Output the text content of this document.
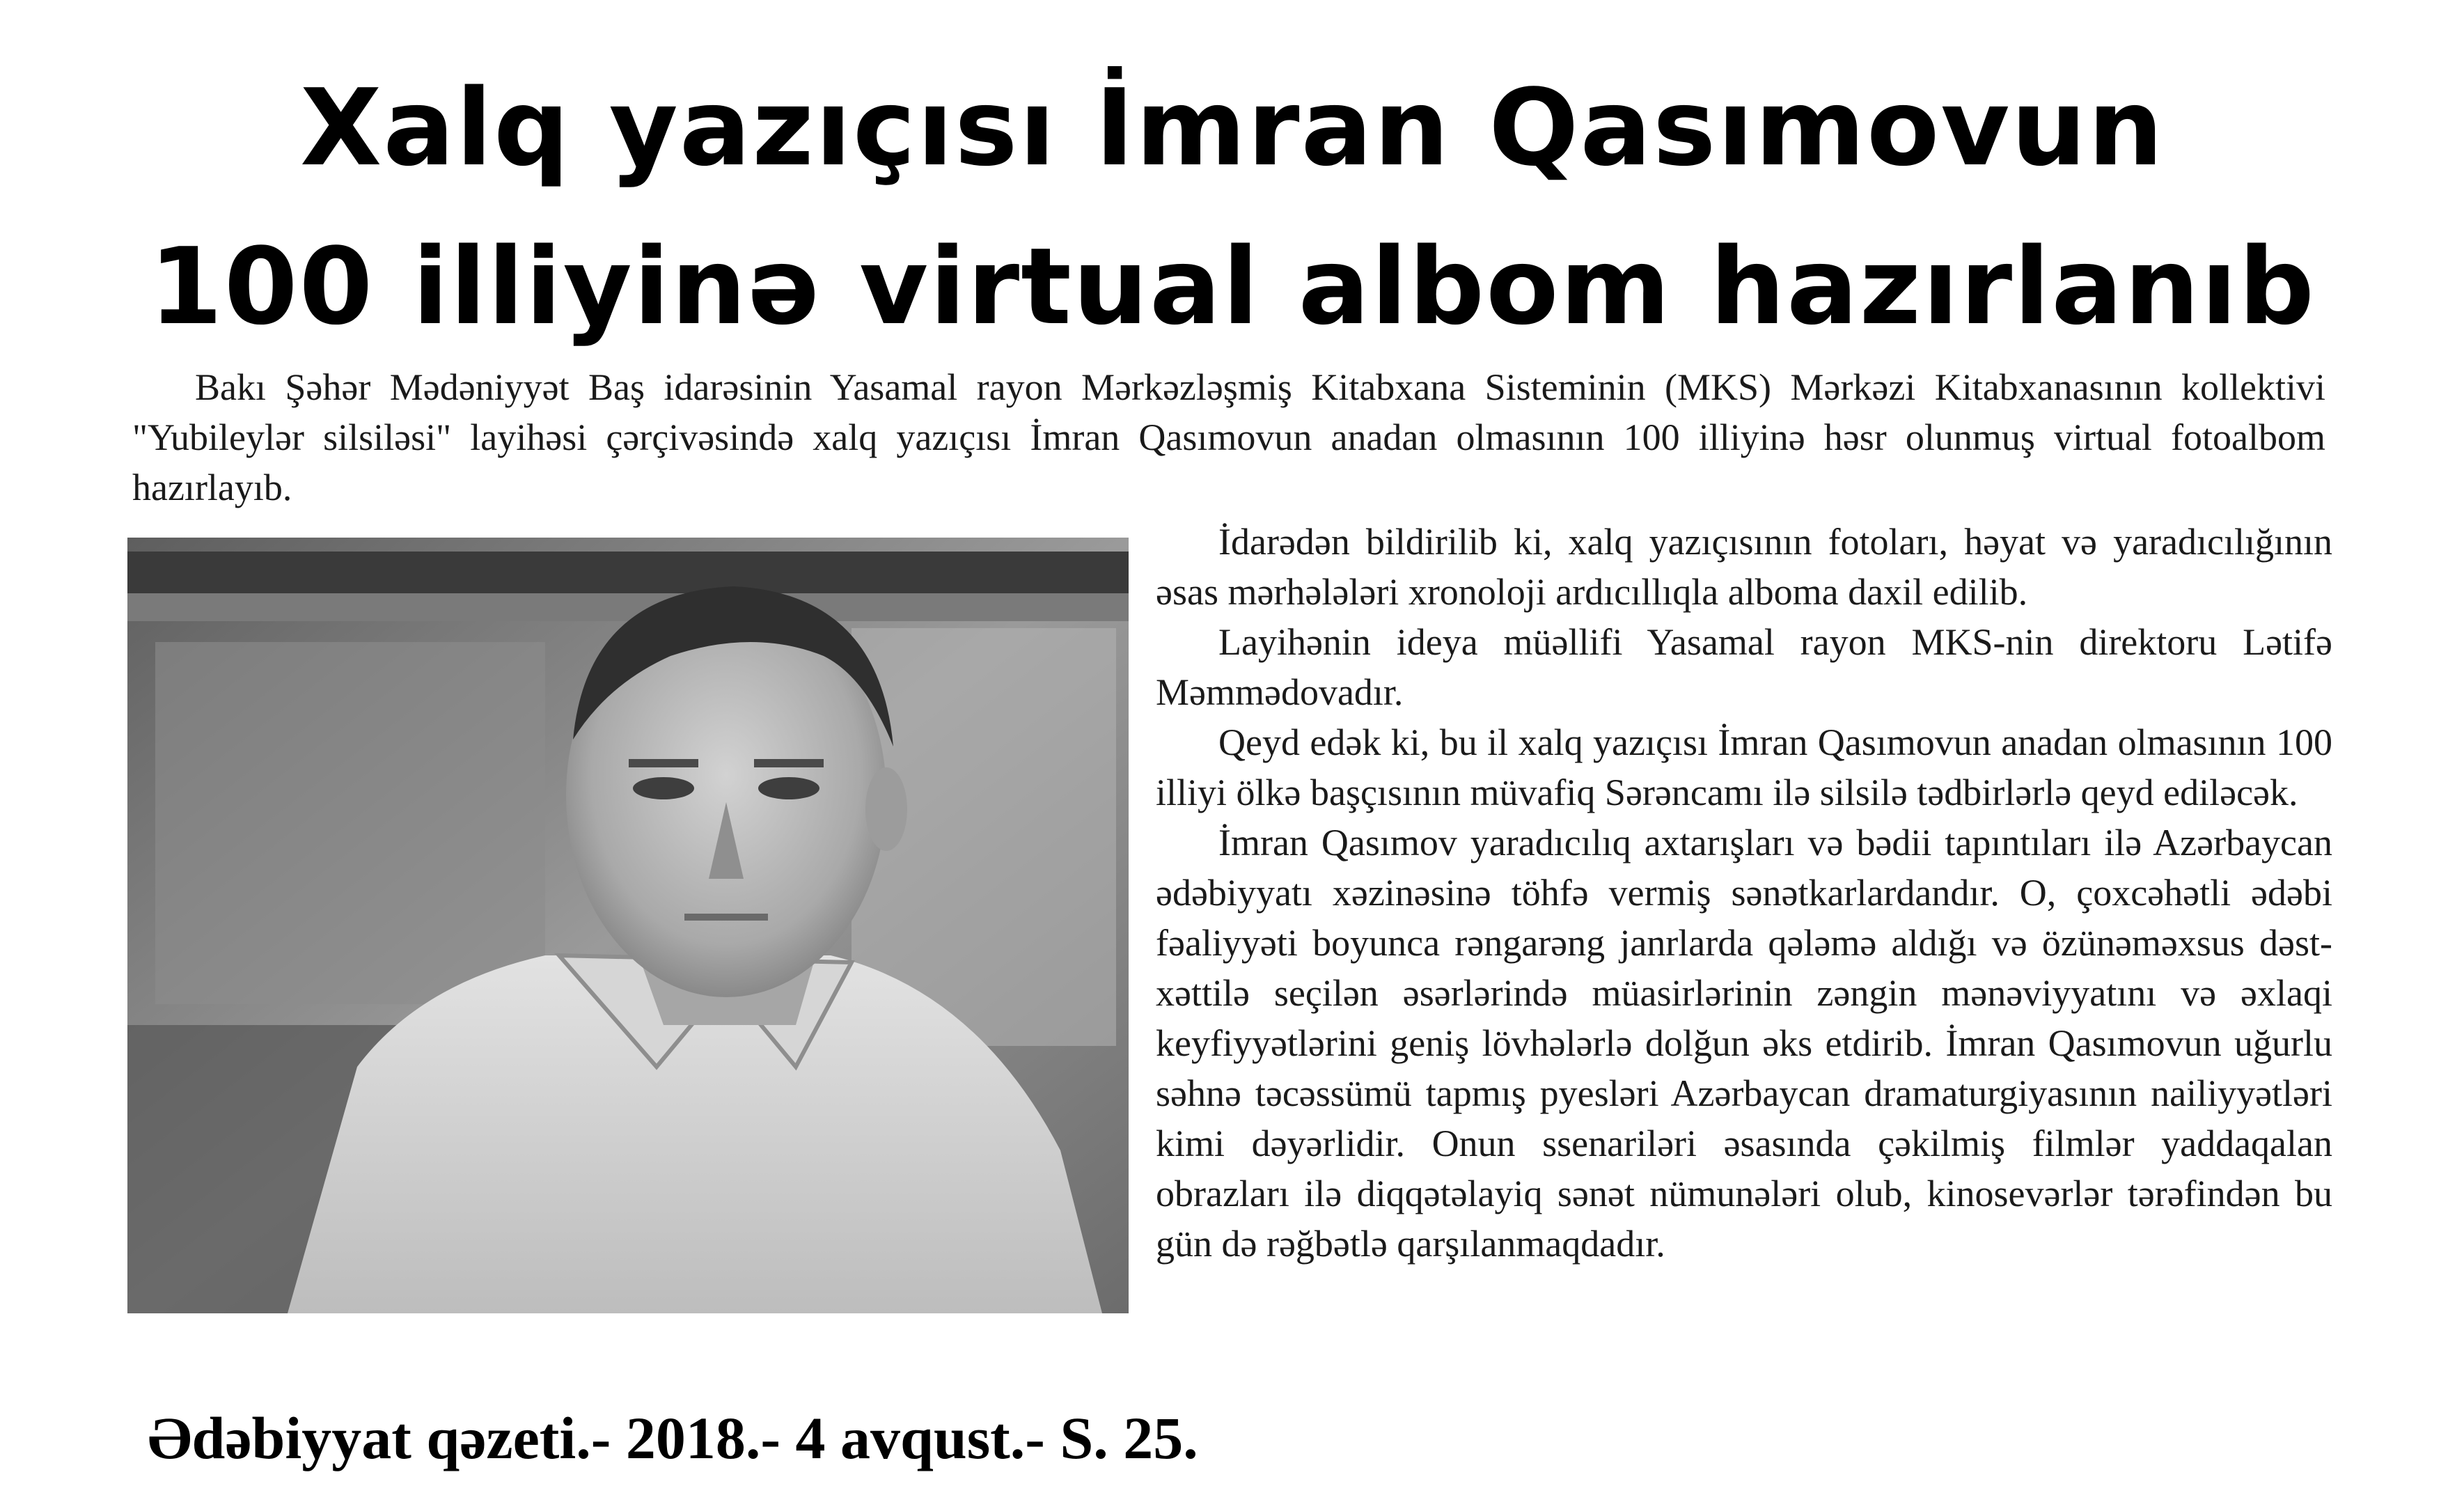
Xalq yazıçısı İmran Qasımovun
100 illiyinə virtual albom hazırlanıb

Bakı Şəhər Mədəniyyət Baş idarəsinin Yasamal rayon Mərkəzləşmiş Kitabxana Sisteminin (MKS) Mərkəzi Kitabxanasının kollektivi "Yubileylər silsiləsi" layihəsi çərçivəsində xalq yazıçısı İmran Qasımovun anadan olmasının 100 illiyinə həsr olunmuş virtual fotoalbom hazırlayıb.

İdarədən bildirilib ki, xalq yazıçısının fotoları, həyat və yaradıcılığının əsas mərhələləri xronoloji ardıcıllıqla alboma daxil edilib.

Layihənin ideya müəllifi Yasamal rayon MKS-nin direktoru Lətifə Məmmədovadır.

Qeyd edək ki, bu il xalq yazıçısı İmran Qasımovun anadan olmasının 100 illiyi ölkə başçısının müvafiq Sərəncamı ilə silsilə tədbirlərlə qeyd ediləcək.

İmran Qasımov yaradıcılıq axtarışları və bədii tapıntıları ilə Azərbaycan ədəbiyyatı xəzinəsinə töhfə vermiş sənətkarlardandır. O, çoxcəhətli ədəbi fəaliyyəti boyunca rəngarəng janrlarda qələmə aldığı və özünəməxsus dəst-xəttilə seçilən əsərlərində müasirlərinin zəngin mənəviyyatını və əxlaqi keyfiyyətlərini geniş lövhələrlə dolğun əks etdirib. İmran Qasımovun uğurlu səhnə təcəssümü tapmış pyesləri Azərbaycan dramaturgiyasının nailiyyətləri kimi dəyərlidir. Onun ssenariləri əsasında çəkilmiş filmlər yaddaqalan obrazları ilə diqqətəlayiq sənət nümunələri olub, kinosevərlər tərəfindən bu gün də rəğbətlə qarşılanmaqdadır.

Ədəbiyyat qəzeti.- 2018.- 4 avqust.- S. 25.
